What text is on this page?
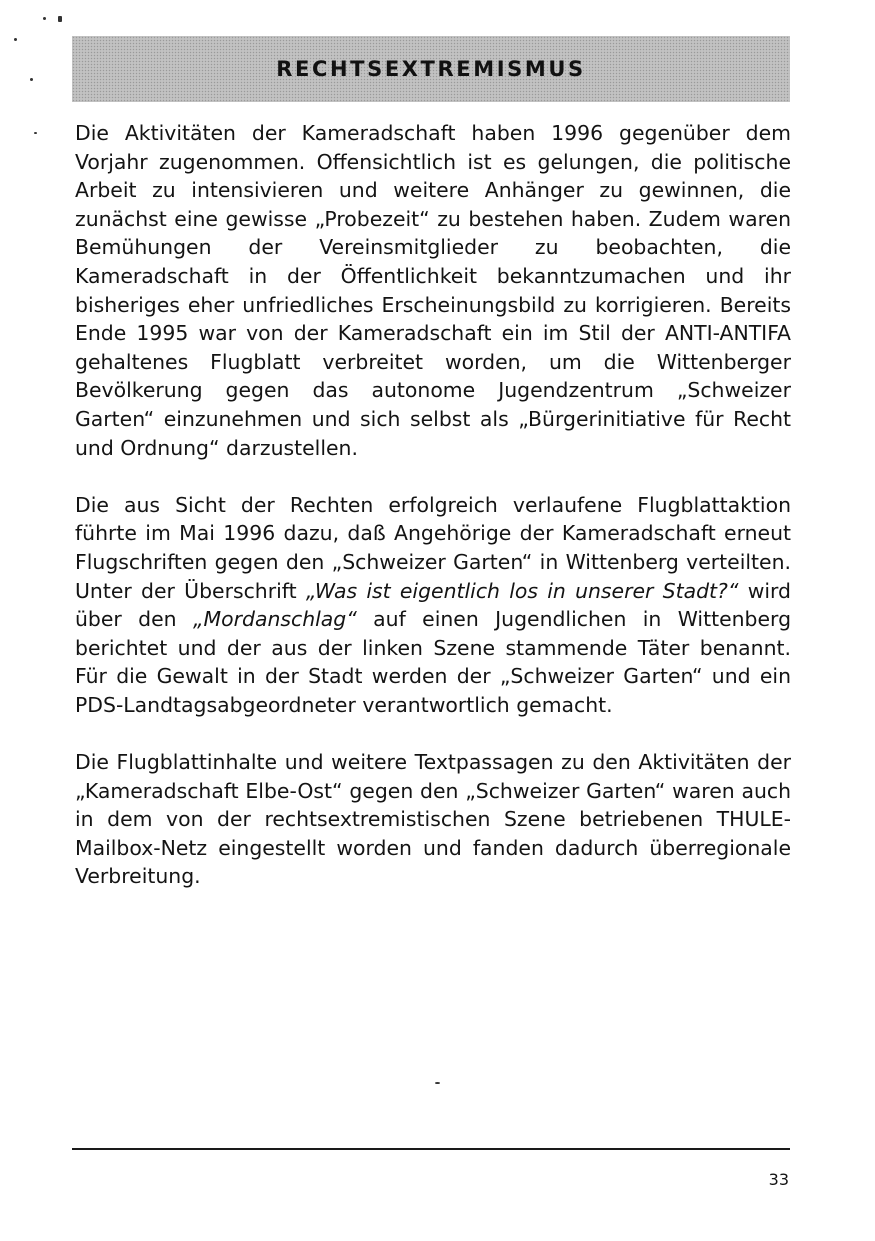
RECHTSEXTREMISMUS

Die Aktivitäten der Kameradschaft haben 1996 gegenüber dem Vorjahr zugenommen. Offensichtlich ist es gelungen, die politische Arbeit zu intensivieren und weitere Anhänger zu gewinnen, die zunächst eine gewisse „Probezeit“ zu bestehen haben. Zudem waren Bemühungen der Vereinsmitglieder zu beobachten, die Kameradschaft in der Öffentlichkeit bekanntzumachen und ihr bisheriges eher unfriedliches Erscheinungsbild zu korrigieren. Bereits Ende 1995 war von der Kameradschaft ein im Stil der ANTI-ANTIFA gehaltenes Flugblatt verbreitet worden, um die Wittenberger Bevölkerung gegen das autonome Jugendzentrum „Schweizer Garten“ einzunehmen und sich selbst als „Bürgerinitiative für Recht und Ordnung“ darzustellen.

Die aus Sicht der Rechten erfolgreich verlaufene Flugblattaktion führte im Mai 1996 dazu, daß Angehörige der Kameradschaft erneut Flugschriften gegen den „Schweizer Garten“ in Wittenberg verteilten. Unter der Überschrift „Was ist eigentlich los in unserer Stadt?“ wird über den „Mordanschlag“ auf einen Jugendlichen in Wittenberg berichtet und der aus der linken Szene stammende Täter benannt. Für die Gewalt in der Stadt werden der „Schweizer Garten“ und ein PDS-Landtagsabgeordneter verantwortlich gemacht.

Die Flugblattinhalte und weitere Textpassagen zu den Aktivitäten der „Kameradschaft Elbe-Ost“ gegen den „Schweizer Garten“ waren auch in dem von der rechtsextremistischen Szene betriebenen THULE-Mailbox-Netz eingestellt worden und fanden dadurch überregionale Verbreitung.

33
